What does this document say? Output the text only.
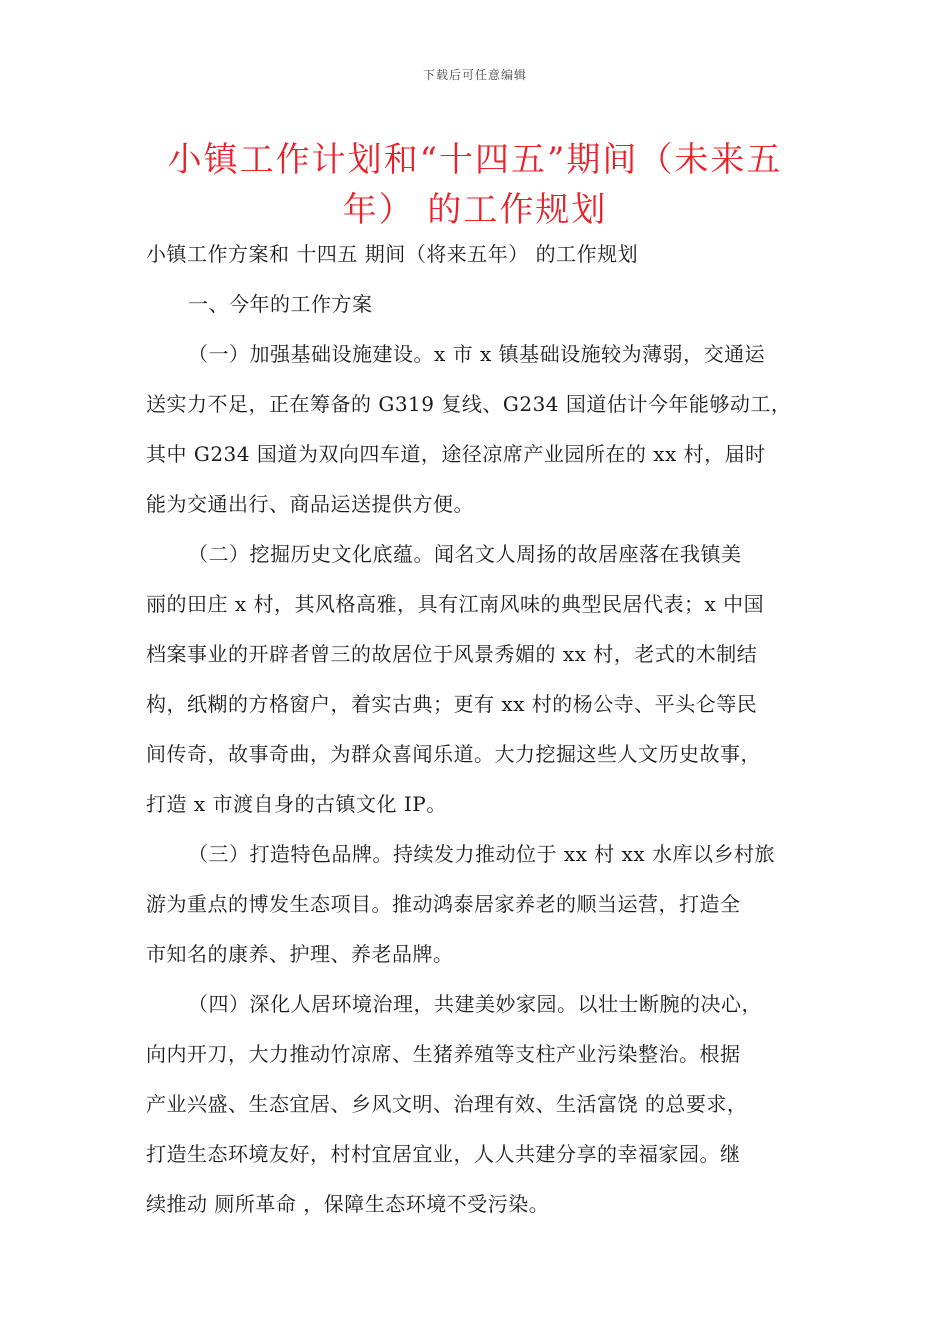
下载后可任意编辑
小镇工作计划和“十四五”期间（未来五
年） 的工作规划
小镇工作方案和 十四五 期间（将来五年） 的工作规划
一、今年的工作方案
（一）加强基础设施建设。x 市 x 镇基础设施较为薄弱，交通运
送实力不足，正在筹备的 G319 复线、G234 国道估计今年能够动工，
其中 G234 国道为双向四车道，途径凉席产业园所在的 xx 村，届时
能为交通出行、商品运送提供方便。
（二）挖掘历史文化底蕴。闻名文人周扬的故居座落在我镇美
丽的田庄 x 村，其风格高雅，具有江南风味的典型民居代表；x 中国
档案事业的开辟者曾三的故居位于风景秀媚的 xx 村，老式的木制结
构，纸糊的方格窗户，着实古典；更有 xx 村的杨公寺、平头仑等民
间传奇，故事奇曲，为群众喜闻乐道。大力挖掘这些人文历史故事，
打造 x 市渡自身的古镇文化 IP。
（三）打造特色品牌。持续发力推动位于 xx 村 xx 水库以乡村旅
游为重点的博发生态项目。推动鸿泰居家养老的顺当运营，打造全
市知名的康养、护理、养老品牌。
（四）深化人居环境治理，共建美妙家园。以壮士断腕的决心，
向内开刀，大力推动竹凉席、生猪养殖等支柱产业污染整治。根据
产业兴盛、生态宜居、乡风文明、治理有效、生活富饶 的总要求，
打造生态环境友好，村村宜居宜业，人人共建分享的幸福家园。继
续推动 厕所革命 ，保障生态环境不受污染。
